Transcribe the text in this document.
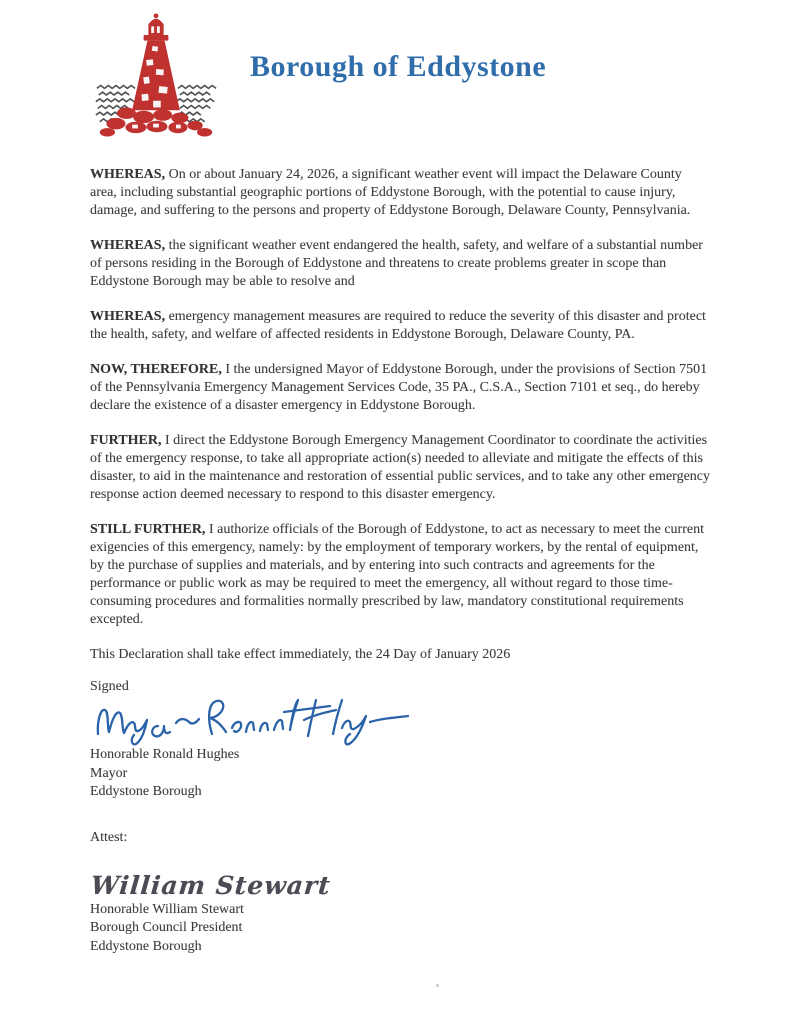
Borough of Eddystone

WHEREAS, On or about January 24, 2026, a significant weather event will impact the Delaware County area, including substantial geographic portions of Eddystone Borough, with the potential to cause injury, damage, and suffering to the persons and property of Eddystone Borough, Delaware County, Pennsylvania.

WHEREAS, the significant weather event endangered the health, safety, and welfare of a substantial number of persons residing in the Borough of Eddystone and threatens to create problems greater in scope than Eddystone Borough may be able to resolve and

WHEREAS, emergency management measures are required to reduce the severity of this disaster and protect the health, safety, and welfare of affected residents in Eddystone Borough, Delaware County, PA.

NOW, THEREFORE, I the undersigned Mayor of Eddystone Borough, under the provisions of Section 7501 of the Pennsylvania Emergency Management Services Code, 35 PA., C.S.A., Section 7101 et seq., do hereby declare the existence of a disaster emergency in Eddystone Borough.

FURTHER, I direct the Eddystone Borough Emergency Management Coordinator to coordinate the activities of the emergency response, to take all appropriate action(s) needed to alleviate and mitigate the effects of this disaster, to aid in the maintenance and restoration of essential public services, and to take any other emergency response action deemed necessary to respond to this disaster emergency.

STILL FURTHER, I authorize officials of the Borough of Eddystone, to act as necessary to meet the current exigencies of this emergency, namely: by the employment of temporary workers, by the rental of equipment, by the purchase of supplies and materials, and by entering into such contracts and agreements for the performance or public work as may be required to meet the emergency, all without regard to those time-consuming procedures and formalities normally prescribed by law, mandatory constitutional requirements excepted.

This Declaration shall take effect immediately, the 24 Day of January 2026

Signed
Honorable Ronald Hughes
Mayor
Eddystone Borough
Attest:
William Stewart
Honorable William Stewart
Borough Council President
Eddystone Borough
